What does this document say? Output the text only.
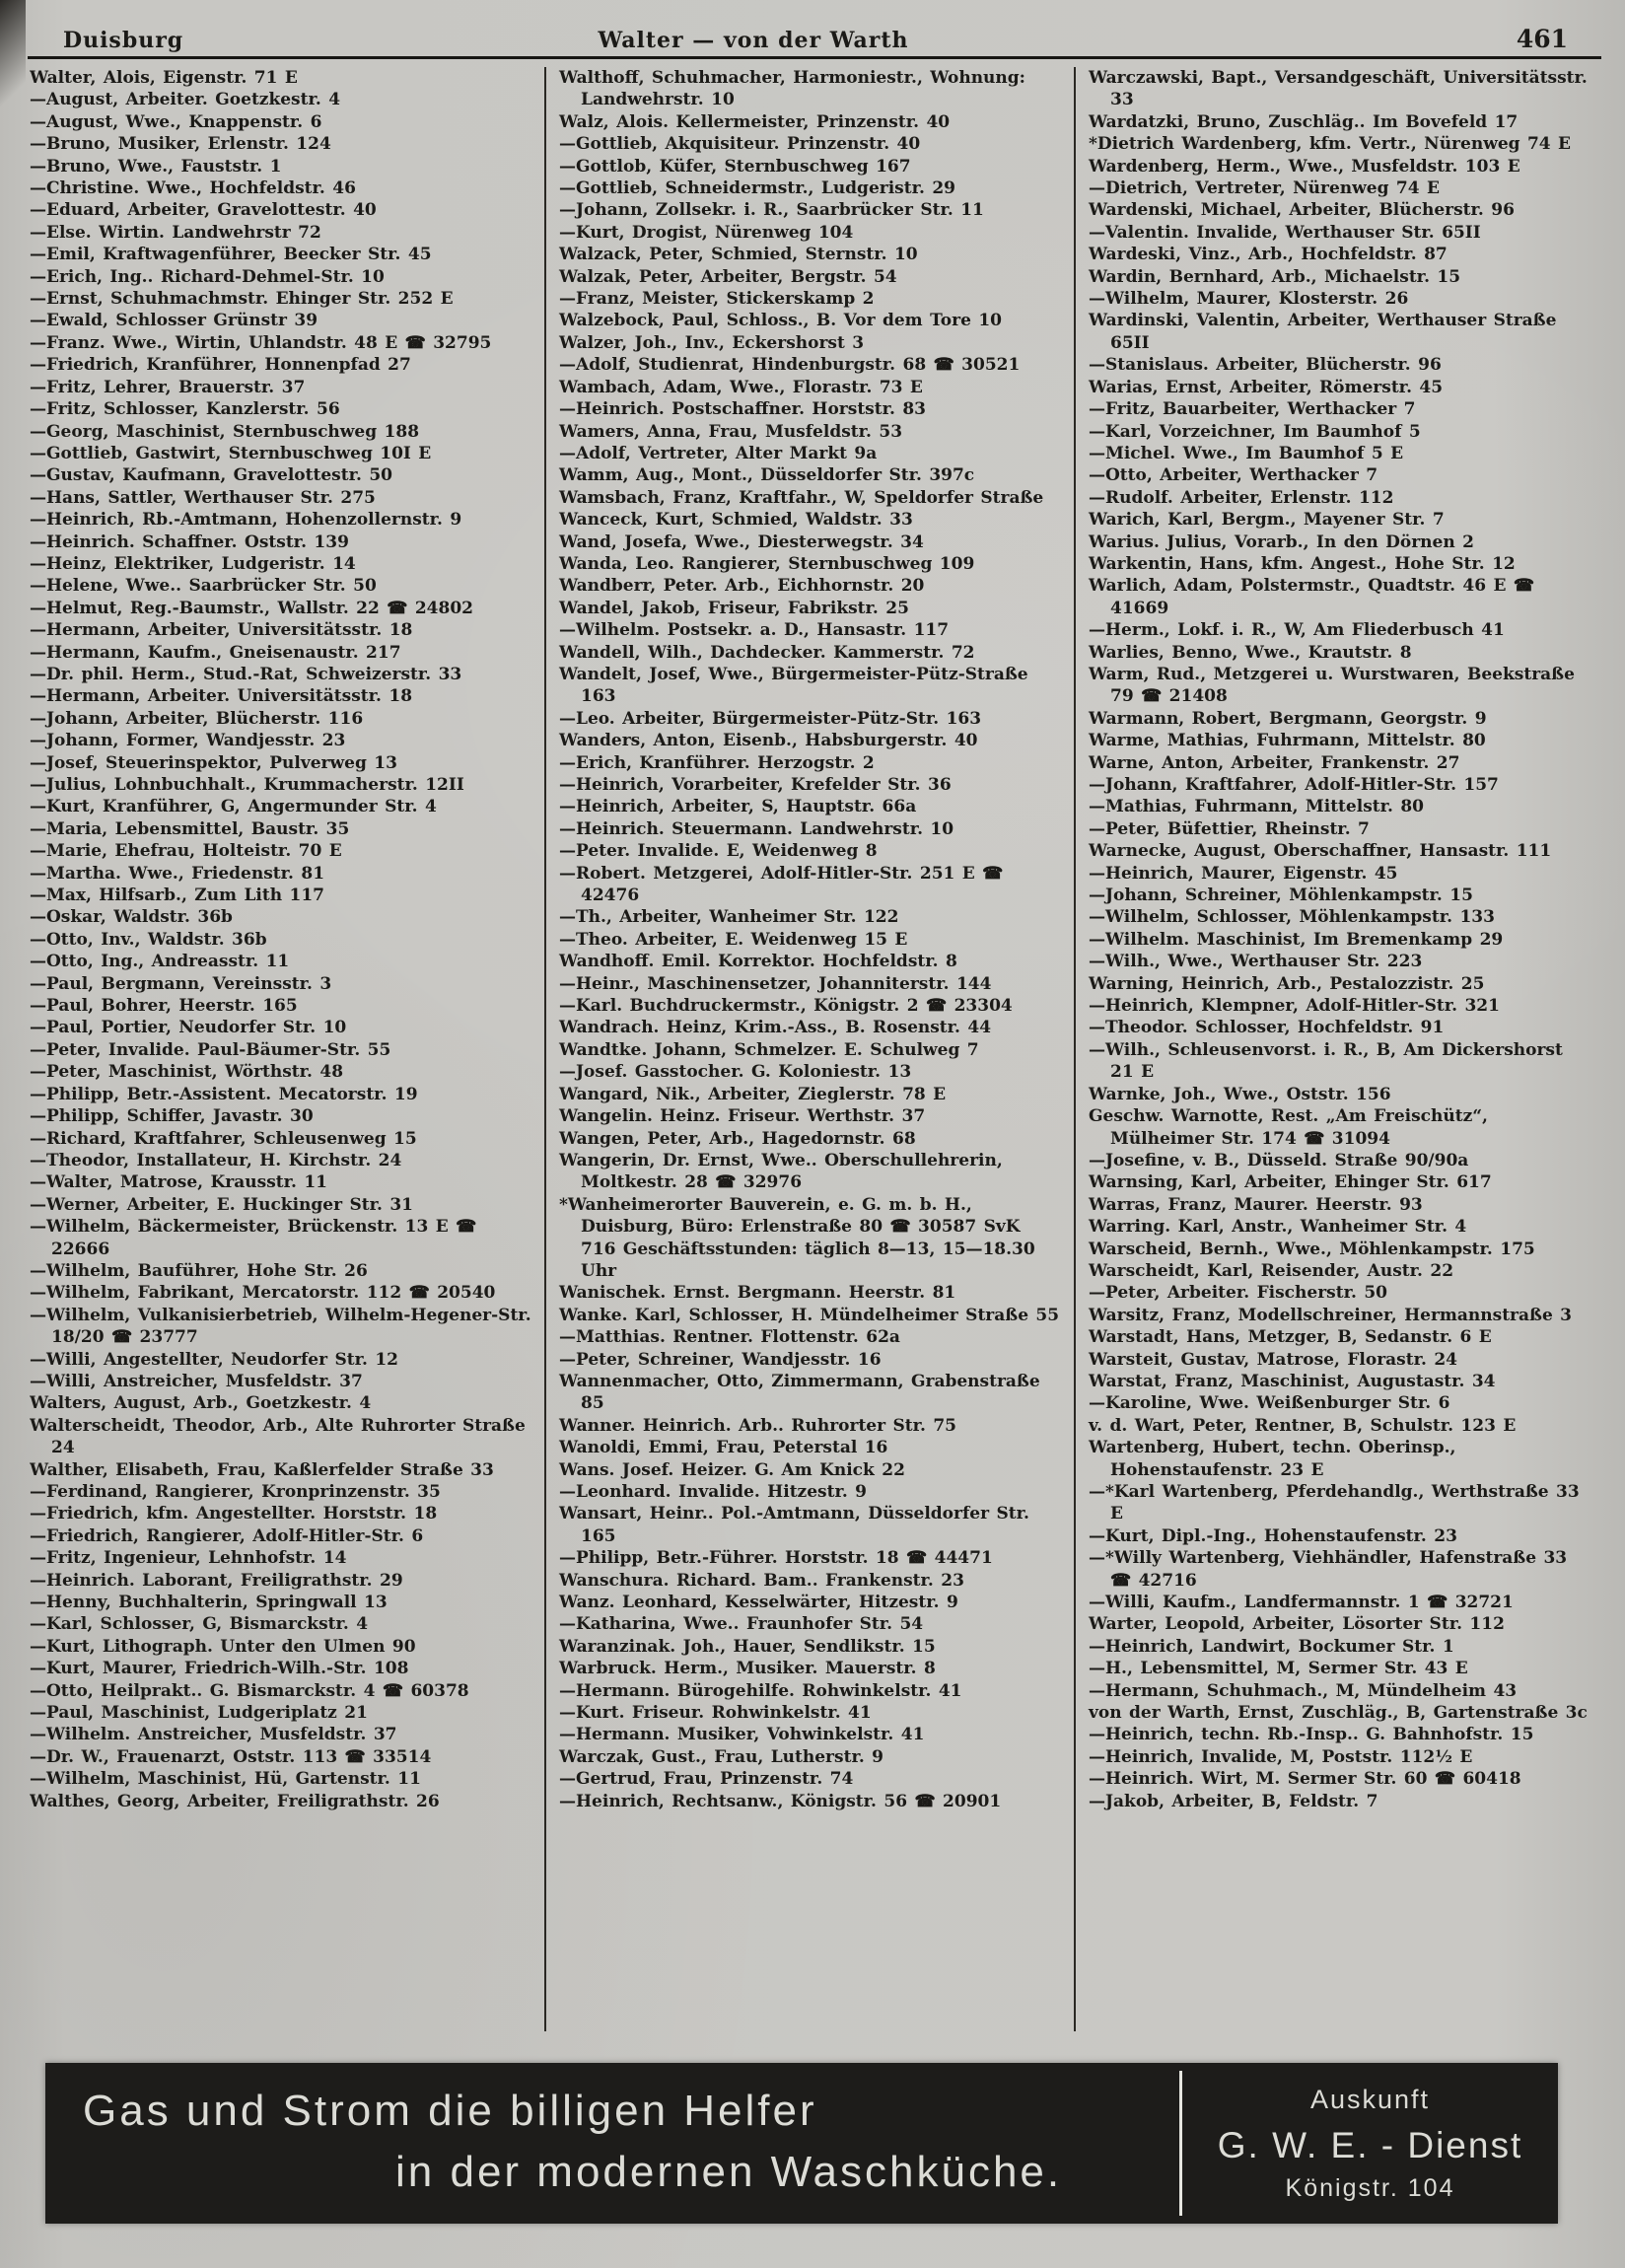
Duisburg	Walter — von der Warth	461
Walter, Alois, Eigenstr. 71 E
—August, Arbeiter. Goetzkestr. 4
—August, Wwe., Knappenstr. 6
—Bruno, Musiker, Erlenstr. 124
—Bruno, Wwe., Fauststr. 1
—Christine. Wwe., Hochfeldstr. 46
—Eduard, Arbeiter, Gravelottestr. 40
—Else. Wirtin. Landwehrstr 72
—Emil, Kraftwagenführer, Beecker Str. 45
—Erich, Ing.. Richard-Dehmel-Str. 10
—Ernst, Schuhmachmstr. Ehinger Str. 252 E
—Ewald, Schlosser Grünstr 39
—Franz. Wwe., Wirtin, Uhlandstr. 48 E ☎ 32795
—Friedrich, Kranführer, Honnenpfad 27
—Fritz, Lehrer, Brauerstr. 37
—Fritz, Schlosser, Kanzlerstr. 56
—Georg, Maschinist, Sternbuschweg 188
—Gottlieb, Gastwirt, Sternbuschweg 10I E
—Gustav, Kaufmann, Gravelottestr. 50
—Hans, Sattler, Werthauser Str. 275
—Heinrich, Rb.-Amtmann, Hohenzollernstr. 9
—Heinrich. Schaffner. Oststr. 139
—Heinz, Elektriker, Ludgeristr. 14
—Helene, Wwe.. Saarbrücker Str. 50
—Helmut, Reg.-Baumstr., Wallstr. 22 ☎ 24802
—Hermann, Arbeiter, Universitätsstr. 18
—Hermann, Kaufm., Gneisenaustr. 217
—Dr. phil. Herm., Stud.-Rat, Schweizerstr. 33
—Hermann, Arbeiter. Universitätsstr. 18
—Johann, Arbeiter, Blücherstr. 116
—Johann, Former, Wandjesstr. 23
—Josef, Steuerinspektor, Pulverweg 13
—Julius, Lohnbuchhalt., Krummacherstr. 12II
—Kurt, Kranführer, G, Angermunder Str. 4
—Maria, Lebensmittel, Baustr. 35
—Marie, Ehefrau, Holteistr. 70 E
—Martha. Wwe., Friedenstr. 81
—Max, Hilfsarb., Zum Lith 117
—Oskar, Waldstr. 36b
—Otto, Inv., Waldstr. 36b
—Otto, Ing., Andreasstr. 11
—Paul, Bergmann, Vereinsstr. 3
—Paul, Bohrer, Heerstr. 165
—Paul, Portier, Neudorfer Str. 10
—Peter, Invalide. Paul-Bäumer-Str. 55
—Peter, Maschinist, Wörthstr. 48
—Philipp, Betr.-Assistent. Mecatorstr. 19
—Philipp, Schiffer, Javastr. 30
—Richard, Kraftfahrer, Schleusenweg 15
—Theodor, Installateur, H. Kirchstr. 24
—Walter, Matrose, Krausstr. 11
—Werner, Arbeiter, E. Huckinger Str. 31
—Wilhelm, Bäckermeister, Brückenstr. 13 E ☎ 22666
—Wilhelm, Bauführer, Hohe Str. 26
—Wilhelm, Fabrikant, Mercatorstr. 112 ☎ 20540
—Wilhelm, Vulkanisierbetrieb, Wilhelm-Hegener-Str. 18/20 ☎ 23777
—Willi, Angestellter, Neudorfer Str. 12
—Willi, Anstreicher, Musfeldstr. 37
Walters, August, Arb., Goetzkestr. 4
Walterscheidt, Theodor, Arb., Alte Ruhrorter Straße 24
Walther, Elisabeth, Frau, Kaßlerfelder Straße 33
—Ferdinand, Rangierer, Kronprinzenstr. 35
—Friedrich, kfm. Angestellter. Horststr. 18
—Friedrich, Rangierer, Adolf-Hitler-Str. 6
—Fritz, Ingenieur, Lehnhofstr. 14
—Heinrich. Laborant, Freiligrathstr. 29
—Henny, Buchhalterin, Springwall 13
—Karl, Schlosser, G, Bismarckstr. 4
—Kurt, Lithograph. Unter den Ulmen 90
—Kurt, Maurer, Friedrich-Wilh.-Str. 108
—Otto, Heilprakt.. G. Bismarckstr. 4 ☎ 60378
—Paul, Maschinist, Ludgeriplatz 21
—Wilhelm. Anstreicher, Musfeldstr. 37
—Dr. W., Frauenarzt, Oststr. 113 ☎ 33514
—Wilhelm, Maschinist, Hü, Gartenstr. 11
Walthes, Georg, Arbeiter, Freiligrathstr. 26
Walthoff, Schuhmacher, Harmoniestr., Wohnung: Landwehrstr. 10
Walz, Alois. Kellermeister, Prinzenstr. 40
—Gottlieb, Akquisiteur. Prinzenstr. 40
—Gottlob, Küfer, Sternbuschweg 167
—Gottlieb, Schneidermstr., Ludgeristr. 29
—Johann, Zollsekr. i. R., Saarbrücker Str. 11
—Kurt, Drogist, Nürenweg 104
Walzack, Peter, Schmied, Sternstr. 10
Walzak, Peter, Arbeiter, Bergstr. 54
—Franz, Meister, Stickerskamp 2
Walzebock, Paul, Schloss., B. Vor dem Tore 10
Walzer, Joh., Inv., Eckershorst 3
—Adolf, Studienrat, Hindenburgstr. 68 ☎ 30521
Wambach, Adam, Wwe., Florastr. 73 E
—Heinrich. Postschaffner. Horststr. 83
Wamers, Anna, Frau, Musfeldstr. 53
—Adolf, Vertreter, Alter Markt 9a
Wamm, Aug., Mont., Düsseldorfer Str. 397c
Wamsbach, Franz, Kraftfahr., W, Speldorfer Straße
Wanceck, Kurt, Schmied, Waldstr. 33
Wand, Josefa, Wwe., Diesterwegstr. 34
Wanda, Leo. Rangierer, Sternbuschweg 109
Wandberr, Peter. Arb., Eichhornstr. 20
Wandel, Jakob, Friseur, Fabrikstr. 25
—Wilhelm. Postsekr. a. D., Hansastr. 117
Wandell, Wilh., Dachdecker. Kammerstr. 72
Wandelt, Josef, Wwe., Bürgermeister-Pütz-Straße 163
—Leo. Arbeiter, Bürgermeister-Pütz-Str. 163
Wanders, Anton, Eisenb., Habsburgerstr. 40
—Erich, Kranführer. Herzogstr. 2
—Heinrich, Vorarbeiter, Krefelder Str. 36
—Heinrich, Arbeiter, S, Hauptstr. 66a
—Heinrich. Steuermann. Landwehrstr. 10
—Peter. Invalide. E, Weidenweg 8
—Robert. Metzgerei, Adolf-Hitler-Str. 251 E ☎ 42476
—Th., Arbeiter, Wanheimer Str. 122
—Theo. Arbeiter, E. Weidenweg 15 E
Wandhoff. Emil. Korrektor. Hochfeldstr. 8
—Heinr., Maschinensetzer, Johanniterstr. 144
—Karl. Buchdruckermstr., Königstr. 2 ☎ 23304
Wandrach. Heinz, Krim.-Ass., B. Rosenstr. 44
Wandtke. Johann, Schmelzer. E. Schulweg 7
—Josef. Gasstocher. G. Koloniestr. 13
Wangard, Nik., Arbeiter, Zieglerstr. 78 E
Wangelin. Heinz. Friseur. Werthstr. 37
Wangen, Peter, Arb., Hagedornstr. 68
Wangerin, Dr. Ernst, Wwe.. Oberschullehrerin, Moltkestr. 28 ☎ 32976
*Wanheimerorter Bauverein, e. G. m. b. H., Duisburg, Büro: Erlenstraße 80 ☎ 30587 SvK 716 Geschäftsstunden: täglich 8—13, 15—18.30 Uhr
Wanischek. Ernst. Bergmann. Heerstr. 81
Wanke. Karl, Schlosser, H. Mündelheimer Straße 55
—Matthias. Rentner. Flottenstr. 62a
—Peter, Schreiner, Wandjesstr. 16
Wannenmacher, Otto, Zimmermann, Grabenstraße 85
Wanner. Heinrich. Arb.. Ruhrorter Str. 75
Wanoldi, Emmi, Frau, Peterstal 16
Wans. Josef. Heizer. G. Am Knick 22
—Leonhard. Invalide. Hitzestr. 9
Wansart, Heinr.. Pol.-Amtmann, Düsseldorfer Str. 165
—Philipp, Betr.-Führer. Horststr. 18 ☎ 44471
Wanschura. Richard. Bam.. Frankenstr. 23
Wanz. Leonhard, Kesselwärter, Hitzestr. 9
—Katharina, Wwe.. Fraunhofer Str. 54
Waranzinak. Joh., Hauer, Sendlikstr. 15
Warbruck. Herm., Musiker. Mauerstr. 8
—Hermann. Bürogehilfe. Rohwinkelstr. 41
—Kurt. Friseur. Rohwinkelstr. 41
—Hermann. Musiker, Vohwinkelstr. 41
Warczak, Gust., Frau, Lutherstr. 9
—Gertrud, Frau, Prinzenstr. 74
—Heinrich, Rechtsanw., Königstr. 56 ☎ 20901
Warczawski, Bapt., Versandgeschäft, Universitätsstr. 33
Wardatzki, Bruno, Zuschläg.. Im Bovefeld 17
*Dietrich Wardenberg, kfm. Vertr., Nürenweg 74 E
Wardenberg, Herm., Wwe., Musfeldstr. 103 E
—Dietrich, Vertreter, Nürenweg 74 E
Wardenski, Michael, Arbeiter, Blücherstr. 96
—Valentin. Invalide, Werthauser Str. 65II
Wardeski, Vinz., Arb., Hochfeldstr. 87
Wardin, Bernhard, Arb., Michaelstr. 15
—Wilhelm, Maurer, Klosterstr. 26
Wardinski, Valentin, Arbeiter, Werthauser Straße 65II
—Stanislaus. Arbeiter, Blücherstr. 96
Warias, Ernst, Arbeiter, Römerstr. 45
—Fritz, Bauarbeiter, Werthacker 7
—Karl, Vorzeichner, Im Baumhof 5
—Michel. Wwe., Im Baumhof 5 E
—Otto, Arbeiter, Werthacker 7
—Rudolf. Arbeiter, Erlenstr. 112
Warich, Karl, Bergm., Mayener Str. 7
Warius. Julius, Vorarb., In den Dörnen 2
Warkentin, Hans, kfm. Angest., Hohe Str. 12
Warlich, Adam, Polstermstr., Quadtstr. 46 E ☎ 41669
—Herm., Lokf. i. R., W, Am Fliederbusch 41
Warlies, Benno, Wwe., Krautstr. 8
Warm, Rud., Metzgerei u. Wurstwaren, Beekstraße 79 ☎ 21408
Warmann, Robert, Bergmann, Georgstr. 9
Warme, Mathias, Fuhrmann, Mittelstr. 80
Warne, Anton, Arbeiter, Frankenstr. 27
—Johann, Kraftfahrer, Adolf-Hitler-Str. 157
—Mathias, Fuhrmann, Mittelstr. 80
—Peter, Büfettier, Rheinstr. 7
Warnecke, August, Oberschaffner, Hansastr. 111
—Heinrich, Maurer, Eigenstr. 45
—Johann, Schreiner, Möhlenkampstr. 15
—Wilhelm, Schlosser, Möhlenkampstr. 133
—Wilhelm. Maschinist, Im Bremenkamp 29
—Wilh., Wwe., Werthauser Str. 223
Warning, Heinrich, Arb., Pestalozzistr. 25
—Heinrich, Klempner, Adolf-Hitler-Str. 321
—Theodor. Schlosser, Hochfeldstr. 91
—Wilh., Schleusenvorst. i. R., B, Am Dickershorst 21 E
Warnke, Joh., Wwe., Oststr. 156
Geschw. Warnotte, Rest. „Am Freischütz“, Mülheimer Str. 174 ☎ 31094
—Josefine, v. B., Düsseld. Straße 90/90a
Warnsing, Karl, Arbeiter, Ehinger Str. 617
Warras, Franz, Maurer. Heerstr. 93
Warring. Karl, Anstr., Wanheimer Str. 4
Warscheid, Bernh., Wwe., Möhlenkampstr. 175
Warscheidt, Karl, Reisender, Austr. 22
—Peter, Arbeiter. Fischerstr. 50
Warsitz, Franz, Modellschreiner, Hermannstraße 3
Warstadt, Hans, Metzger, B, Sedanstr. 6 E
Warsteit, Gustav, Matrose, Florastr. 24
Warstat, Franz, Maschinist, Augustastr. 34
—Karoline, Wwe. Weißenburger Str. 6
v. d. Wart, Peter, Rentner, B, Schulstr. 123 E
Wartenberg, Hubert, techn. Oberinsp., Hohenstaufenstr. 23 E
—*Karl Wartenberg, Pferdehandlg., Werthstraße 33 E
—Kurt, Dipl.-Ing., Hohenstaufenstr. 23
—*Willy Wartenberg, Viehhändler, Hafenstraße 33 ☎ 42716
—Willi, Kaufm., Landfermannstr. 1 ☎ 32721
Warter, Leopold, Arbeiter, Lösorter Str. 112
—Heinrich, Landwirt, Bockumer Str. 1
—H., Lebensmittel, M, Sermer Str. 43 E
—Hermann, Schuhmach., M, Mündelheim 43
von der Warth, Ernst, Zuschläg., B, Gartenstraße 3c
—Heinrich, techn. Rb.-Insp.. G. Bahnhofstr. 15
—Heinrich, Invalide, M, Poststr. 112½ E
—Heinrich. Wirt, M. Sermer Str. 60 ☎ 60418
—Jakob, Arbeiter, B, Feldstr. 7
Gas und Strom die billigen Helfer
in der modernen Waschküche.
Auskunft
G. W. E. - Dienst
Königstr. 104
